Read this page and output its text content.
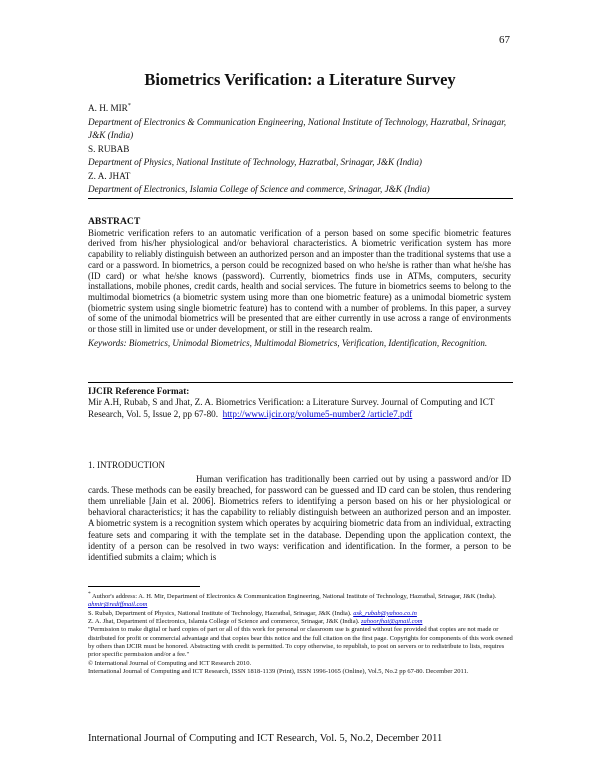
67
Biometrics Verification: a Literature Survey
A. H. MIR*
Department of Electronics & Communication Engineering, National Institute of Technology, Hazratbal, Srinagar, J&K (India)
S. RUBAB
Department of Physics, National Institute of Technology, Hazratbal, Srinagar, J&K (India)
Z. A. JHAT
Department of Electronics, Islamia College of Science and commerce, Srinagar, J&K (India)
ABSTRACT

Biometric verification refers to an automatic verification of a person based on some specific biometric features derived from his/her physiological and/or behavioral characteristics. A biometric verification system has more capability to reliably distinguish between an authorized person and an imposter than the traditional systems that use a card or a password. In biometrics, a person could be recognized based on who he/she is rather than what he/she has (ID card) or what he/she knows (password). Currently, biometrics finds use in ATMs, computers, security installations, mobile phones, credit cards, health and social services. The future in biometrics seems to belong to the multimodal biometrics (a biometric system using more than one biometric feature) as a unimodal biometric system (biometric system using single biometric feature) has to contend with a number of problems. In this paper, a survey of some of the unimodal biometrics will be presented that are either currently in use across a range of environments or those still in limited use or under development, or still in the research realm.

Keywords: Biometrics, Unimodal Biometrics, Multimodal Biometrics, Verification, Identification, Recognition.
IJCIR Reference Format:
Mir A.H, Rubab, S and Jhat, Z. A. Biometrics Verification: a Literature Survey. Journal of Computing and ICT Research, Vol. 5, Issue 2, pp 67-80. http://www.ijcir.org/volume5-number2 /article7.pdf
1. INTRODUCTION

Human verification has traditionally been carried out by using a password and/or ID cards. These methods can be easily breached, for password can be guessed and ID card can be stolen, thus rendering them unreliable [Jain et al. 2006]. Biometrics refers to identifying a person based on his or her physiological or behavioral characteristics; it has the capability to reliably distinguish between an authorized person and an imposter. A biometric system is a recognition system which operates by acquiring biometric data from an individual, extracting feature sets and comparing it with the template set in the database. Depending upon the application context, the identity of a person can be resolved in two ways: verification and identification. In the former, a person to be identified submits a claim; which is

* Author's address: A. H. Mir, Department of Electronics & Communication Engineering, National Institute of Technology, Hazratbal, Srinagar, J&K (India). ahmir@rediffmail.com

S. Rubab, Department of Physics, National Institute of Technology, Hazratbal, Srinagar, J&K (India). ask_rubab@yahoo.co.in

Z. A. Jhat, Department of Electronics, Islamia College of Science and commerce, Srinagar, J&K (India). zahoorjhat@gmail.com

"Permission to make digital or hard copies of part or all of this work for personal or classroom use is granted without fee provided that copies are not made or distributed for profit or commercial advantage and that copies bear this notice and the full citation on the first page. Copyrights for components of this work owned by others than IJCIR must be honored. Abstracting with credit is permitted. To copy otherwise, to republish, to post on servers or to redistribute to lists, requires prior specific permission and/or a fee."

© International Journal of Computing and ICT Research 2010.

International Journal of Computing and ICT Research, ISSN 1818-1139 (Print), ISSN 1996-1065 (Online), Vol.5, No.2 pp 67-80. December 2011.

International Journal of Computing and ICT Research, Vol. 5, No.2, December 2011
